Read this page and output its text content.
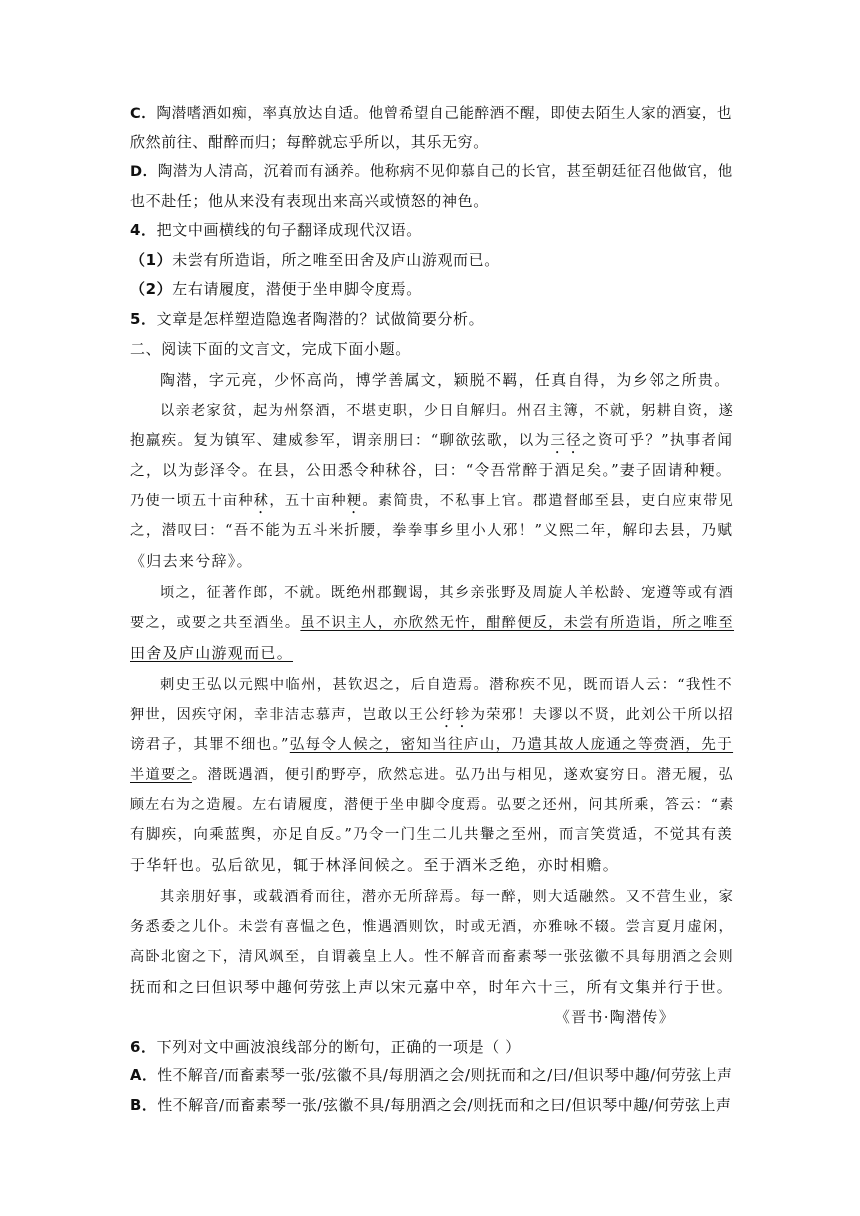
C．陶潜嗜酒如痴，率真放达自适。他曾希望自己能醉酒不醒，即使去陌生人家的酒宴，也
欣然前往、酣醉而归；每醉就忘乎所以，其乐无穷。
D．陶潜为人清高，沉着而有涵养。他称病不见仰慕自己的长官，甚至朝廷征召他做官，他
也不赴任；他从来没有表现出来高兴或愤怒的神色。
4．把文中画横线的句子翻译成现代汉语。
（1）未尝有所造诣，所之唯至田舍及庐山游观而已。
（2）左右请履度，潜便于坐申脚令度焉。
5．文章是怎样塑造隐逸者陶潜的？试做简要分析。
二、阅读下面的文言文，完成下面小题。
陶潜，字元亮，少怀高尚，博学善属文，颖脱不羁，任真自得，为乡邻之所贵。
以亲老家贫，起为州祭酒，不堪吏职，少日自解归。州召主簿，不就，躬耕自资，遂
抱羸疾。复为镇军、建威参军，谓亲朋曰：“聊欲弦歌，以为三径之资可乎？”执事者闻
之，以为彭泽令。在县，公田悉令种秫谷，曰：“令吾常醉于酒足矣。”妻子固请种粳。
乃使一顷五十亩种秫，五十亩种粳。素简贵，不私事上官。郡遣督邮至县，吏白应束带见
之，潜叹曰：“吾不能为五斗米折腰，拳拳事乡里小人邪！”义熙二年，解印去县，乃赋
《归去来兮辞》。
顷之，征著作郎，不就。既绝州郡觐谒，其乡亲张野及周旋人羊松龄、宠遵等或有酒
要之，或要之共至酒坐。虽不识主人，亦欣然无忤，酣醉便反，未尝有所造诣，所之唯至
田舍及庐山游观而已。
刺史王弘以元熙中临州，甚钦迟之，后自造焉。潜称疾不见，既而语人云：“我性不
狎世，因疾守闲，幸非洁志慕声，岂敢以王公纡轸为荣邪！夫谬以不贤，此刘公干所以招
谤君子，其罪不细也。”弘每令人候之，密知当往庐山，乃遣其故人庞通之等赍酒，先于
半道要之。潜既遇酒，便引酌野亭，欣然忘进。弘乃出与相见，遂欢宴穷日。潜无履，弘
顾左右为之造履。左右请履度，潜便于坐申脚令度焉。弘要之还州，问其所乘，答云：“素
有脚疾，向乘蓝舆，亦足自反。”乃令一门生二儿共轝之至州，而言笑赏适，不觉其有羡
于华轩也。弘后欲见，辄于林泽间候之。至于酒米乏绝，亦时相赡。
其亲朋好事，或载酒肴而往，潜亦无所辞焉。每一醉，则大适融然。又不营生业，家
务悉委之儿仆。未尝有喜愠之色，惟遇酒则饮，时或无酒，亦雅咏不辍。尝言夏月虚闲，
高卧北窗之下，清风飒至，自谓羲皇上人。性不解音而畜素琴一张弦徽不具每朋酒之会则
抚而和之曰但识琴中趣何劳弦上声以宋元嘉中卒，时年六十三，所有文集并行于世。
《晋书·陶潜传》
6．下列对文中画波浪线部分的断句，正确的一项是（ ）
A．性不解音/而畜素琴一张/弦徽不具/每朋酒之会/则抚而和之/曰/但识琴中趣/何劳弦上声
B．性不解音/而畜素琴一张/弦徽不具/每朋酒之会/则抚而和之曰/但识琴中趣/何劳弦上声
